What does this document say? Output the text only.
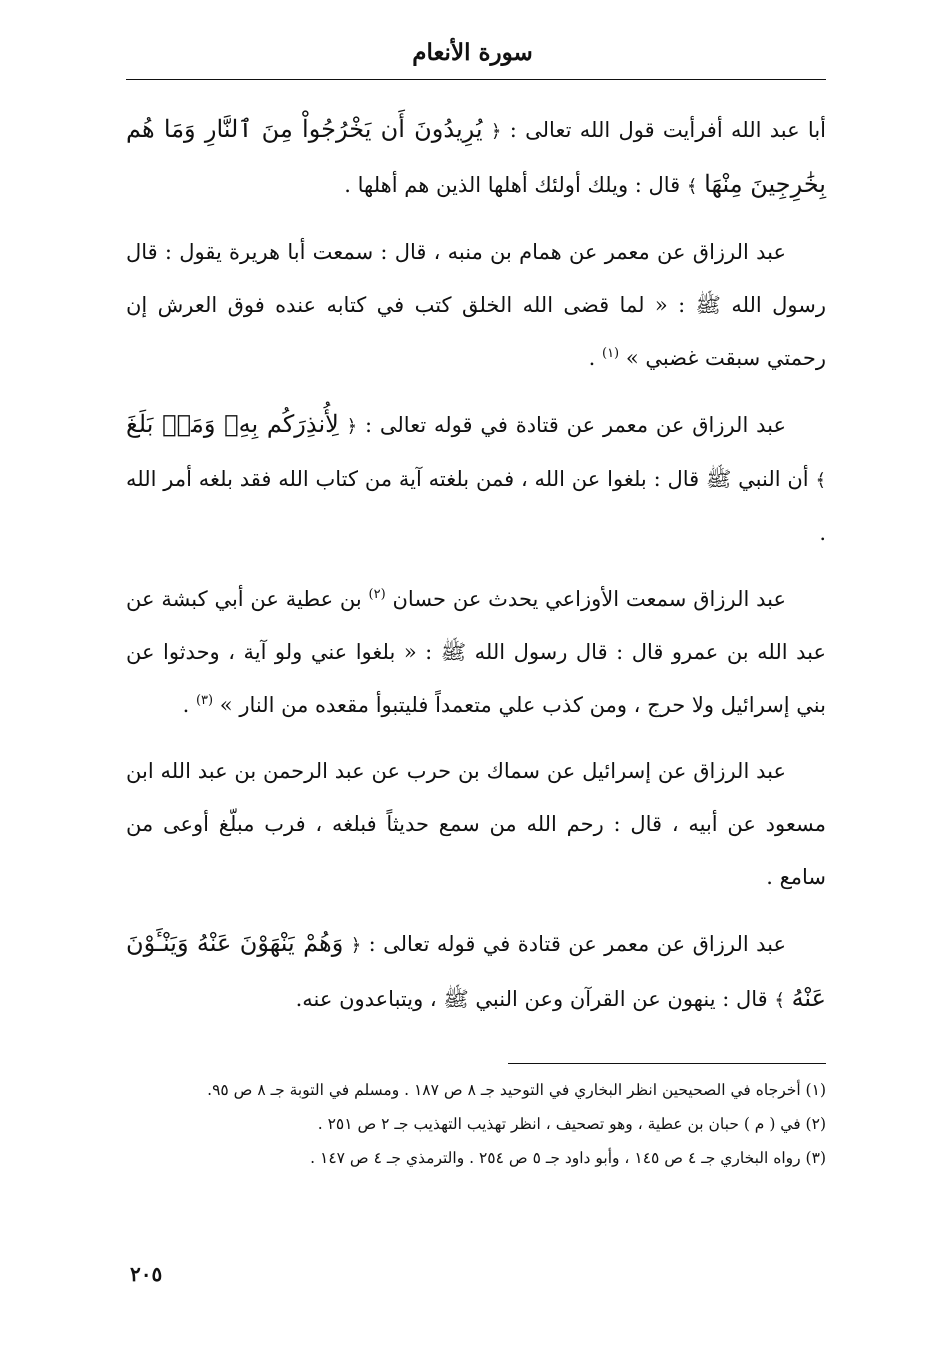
سورة الأنعام

أبا عبد الله أفرأيت قول الله تعالى : ﴿ يُرِيدُونَ أَن يَخْرُجُواْ مِنَ ٱلنَّارِ وَمَا هُم بِخَٰرِجِينَ مِنْهَا ﴾ قال : ويلك أولئك أهلها الذين هم أهلها .

عبد الرزاق عن معمر عن همام بن منبه ، قال : سمعت أبا هريرة يقول : قال رسول الله ﷺ : « لما قضى الله الخلق كتب في كتابه عنده فوق العرش إن رحمتي سبقت غضبي » $^{(١)}$ .

عبد الرزاق عن معمر عن قتادة في قوله تعالى : ﴿ لِأُنذِرَكُم بِهِۦ وَمَنۢ بَلَغَ ﴾ أن النبي ﷺ قال : بلغوا عن الله ، فمن بلغته آية من كتاب الله فقد بلغه أمر الله .

عبد الرزاق سمعت الأوزاعي يحدث عن حسان $^{(٢)}$ بن عطية عن أبي كبشة عن عبد الله بن عمرو قال : قال رسول الله ﷺ : « بلغوا عني ولو آية ، وحدثوا عن بني إسرائيل ولا حرج ، ومن كذب علي متعمداً فليتبوأ مقعده من النار » $^{(٣)}$ .

عبد الرزاق عن إسرائيل عن سماك بن حرب عن عبد الرحمن بن عبد الله ابن مسعود عن أبيه ، قال : رحم الله من سمع حديثاً فبلغه ، فرب مبلّغ أوعى من سامع .

عبد الرزاق عن معمر عن قتادة في قوله تعالى : ﴿ وَهُمْ يَنْهَوْنَ عَنْهُ وَيَنْـَٔوْنَ عَنْهُ ﴾ قال : ينهون عن القرآن وعن النبي ﷺ ، ويتباعدون عنه.

(١) أخرجاه في الصحيحين انظر البخاري في التوحيد جـ ٨ ص ١٨٧ . ومسلم في التوبة جـ ٨ ص ٩٥.

(٢) في ( م ) حبان بن عطية ، وهو تصحيف ، انظر تهذيب التهذيب جـ ٢ ص ٢٥١ .

(٣) رواه البخاري جـ ٤ ص ١٤٥ ، وأبو داود جـ ٥ ص ٢٥٤ . والترمذي جـ ٤ ص ١٤٧ .

٢٠٥
